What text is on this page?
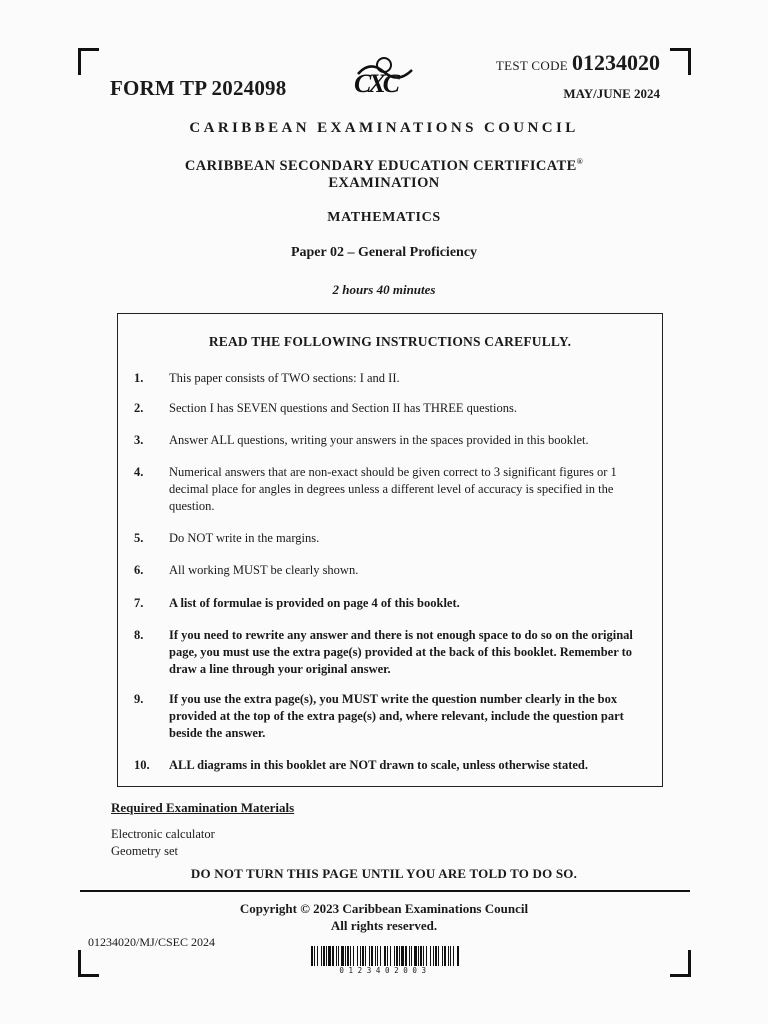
FORM TP 2024098	CXC
TEST CODE 01234020
MAY/JUNE 2024
CARIBBEAN EXAMINATIONS COUNCIL
CARIBBEAN SECONDARY EDUCATION CERTIFICATE®
EXAMINATION
MATHEMATICS
Paper 02 – General Proficiency
2 hours 40 minutes
READ THE FOLLOWING INSTRUCTIONS CAREFULLY.
1.	This paper consists of TWO sections: I and II.
2.	Section I has SEVEN questions and Section II has THREE questions.
3.	Answer ALL questions, writing your answers in the spaces provided in this booklet.
4.	Numerical answers that are non-exact should be given correct to 3 significant figures or 1 decimal place for angles in degrees unless a different level of accuracy is specified in the question.
5.	Do NOT write in the margins.
6.	All working MUST be clearly shown.
7.	A list of formulae is provided on page 4 of this booklet.
8.	If you need to rewrite any answer and there is not enough space to do so on the original page, you must use the extra page(s) provided at the back of this booklet. Remember to draw a line through your original answer.
9.	If you use the extra page(s), you MUST write the question number clearly in the box provided at the top of the extra page(s) and, where relevant, include the question part beside the answer.
10.	ALL diagrams in this booklet are NOT drawn to scale, unless otherwise stated.
Required Examination Materials
Electronic calculator
Geometry set
DO NOT TURN THIS PAGE UNTIL YOU ARE TOLD TO DO SO.
Copyright © 2023 Caribbean Examinations Council
All rights reserved.
01234020/MJ/CSEC 2024
0123402003
